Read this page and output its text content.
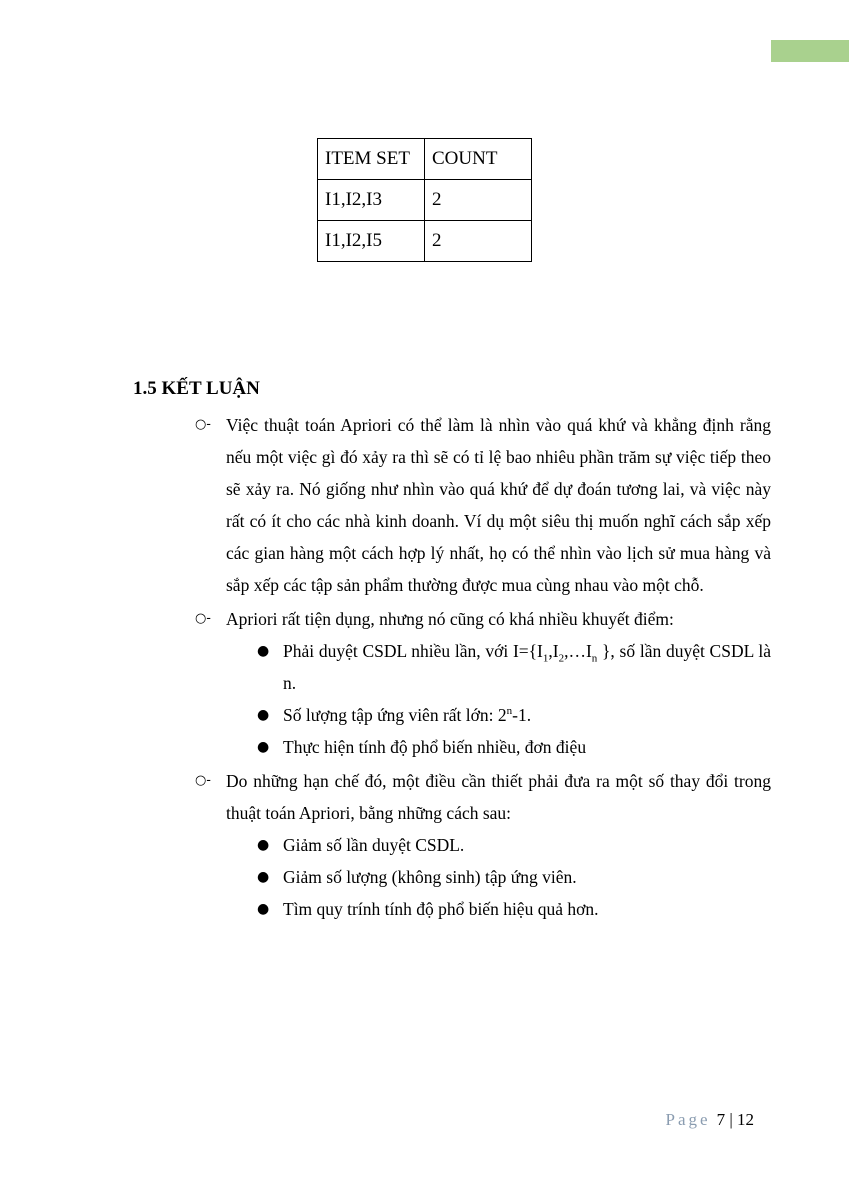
ITEM SET	COUNT
I1,I2,I3	2
I1,I2,I5	2
1.5 KẾT LUẬN
○- Việc thuật toán Apriori có thể làm là nhìn vào quá khứ và khẳng định rằng nếu một việc gì đó xảy ra thì sẽ có tỉ lệ bao nhiêu phần trăm sự việc tiếp theo sẽ xảy ra. Nó giống như nhìn vào quá khứ để dự đoán tương lai, và việc này rất có ít cho các nhà kinh doanh. Ví dụ một siêu thị muốn nghĩ cách sắp xếp các gian hàng một cách hợp lý nhất, họ có thể nhìn vào lịch sử mua hàng và sắp xếp các tập sản phẩm thường được mua cùng nhau vào một chỗ.
○- Apriori rất tiện dụng, nhưng nó cũng có khá nhiều khuyết điểm:
● Phải duyệt CSDL nhiều lần, với $I=\{I_1,I_2,\dots I_n$ }, số lần duyệt CSDL là n.
● Số lượng tập ứng viên rất lớn: 2$^n$-1.
● Thực hiện tính độ phổ biến nhiều, đơn điệu
○- Do những hạn chế đó, một điều cần thiết phải đưa ra một số thay đổi trong thuật toán Apriori, bằng những cách sau:
● Giảm số lần duyệt CSDL.
● Giảm số lượng (không sinh) tập ứng viên.
● Tìm quy trính tính độ phổ biến hiệu quả hơn.
Page 7 | 12
